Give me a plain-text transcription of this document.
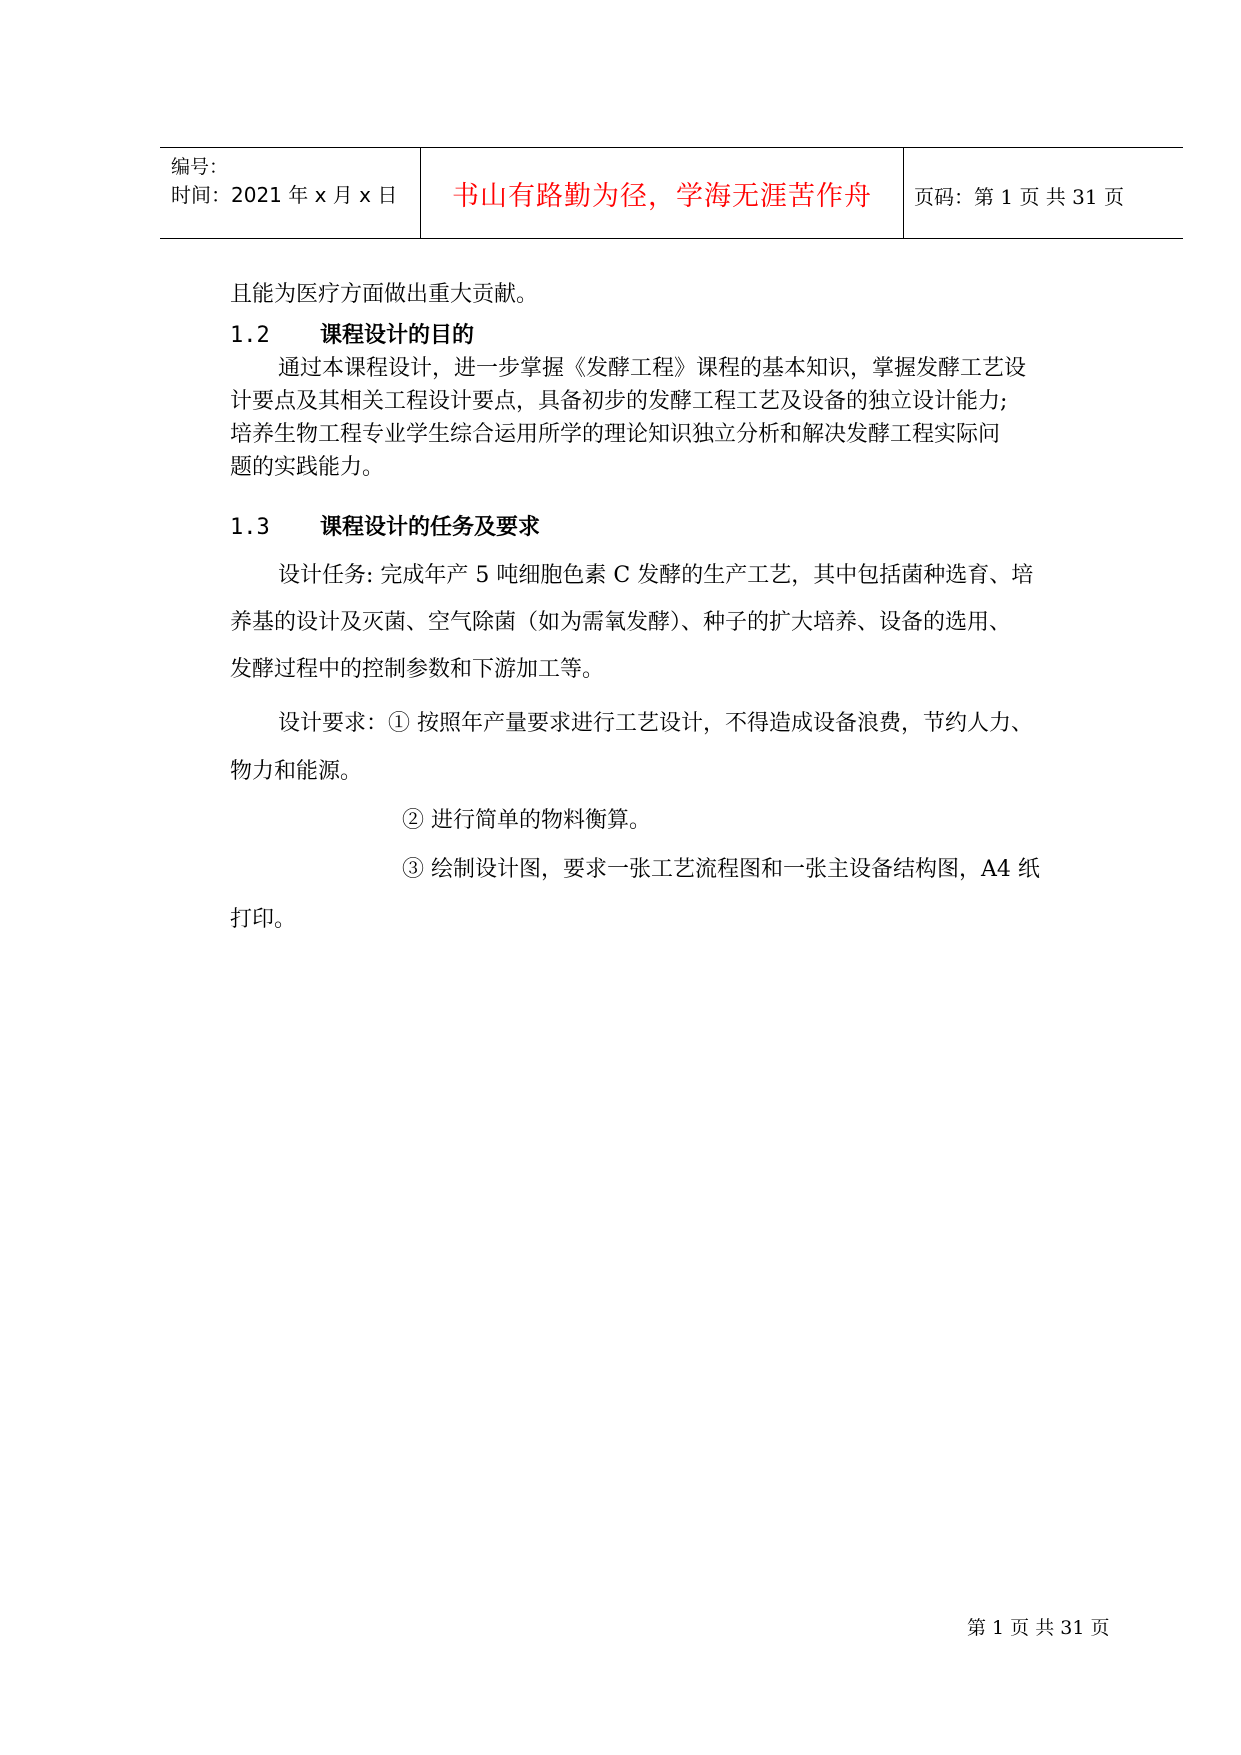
编号：
时间：2021 年 x 月 x 日	书山有路勤为径，学海无涯苦作舟	页码：第 1 页 共 31 页
且能为医疗方面做出重大贡献。
1.2 课程设计的目的

通过本课程设计，进一步掌握《发酵工程》课程的基本知识，掌握发酵工艺设

计要点及其相关工程设计要点，具备初步的发酵工程工艺及设备的独立设计能力;

培养生物工程专业学生综合运用所学的理论知识独立分析和解决发酵工程实际问

题的实践能力。

1.3 课程设计的任务及要求
设计任务: 完成年产 5 吨细胞色素 C 发酵的生产工艺，其中包括菌种选育、培
养基的设计及灭菌、空气除菌（如为需氧发酵）、种子的扩大培养、设备的选用、
发酵过程中的控制参数和下游加工等。
设计要求：① 按照年产量要求进行工艺设计，不得造成设备浪费，节约人力、
物力和能源。
② 进行简单的物料衡算。
③ 绘制设计图，要求一张工艺流程图和一张主设备结构图，A4 纸
打印。
第 1 页 共 31 页
